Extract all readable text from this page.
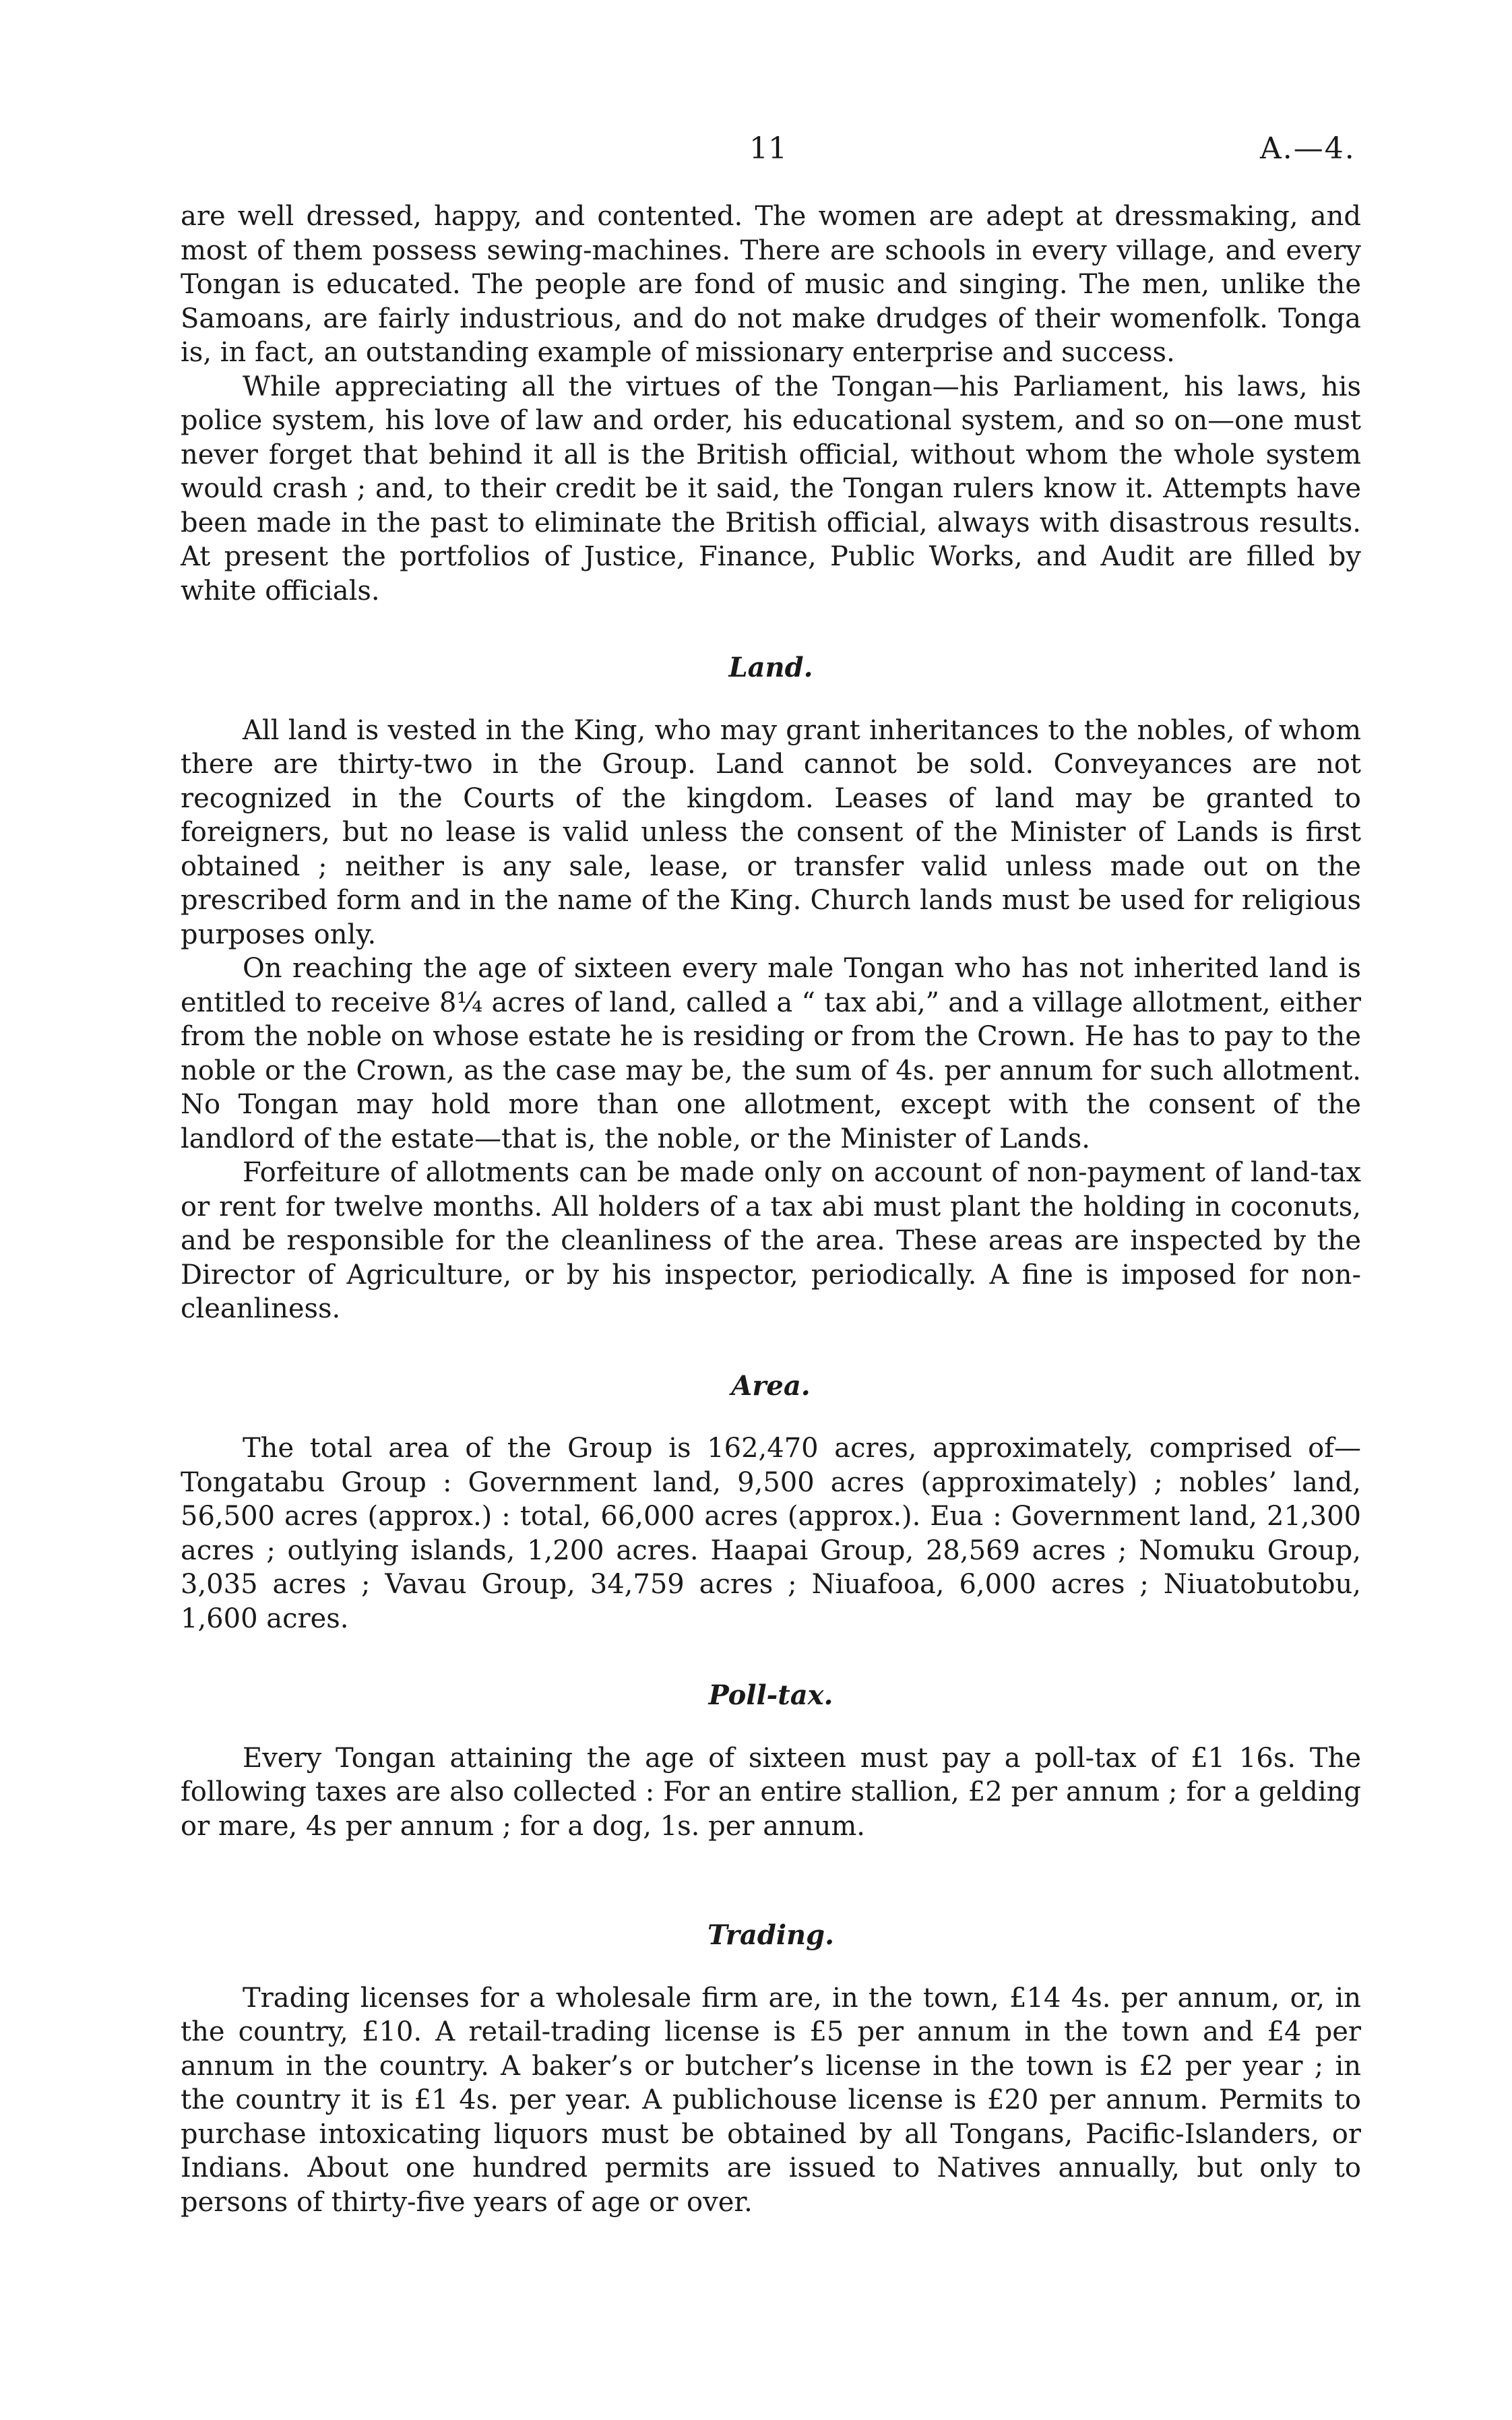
11	A.—4.

are well dressed, happy, and contented. The women are adept at dressmaking, and most of them possess sewing-machines. There are schools in every village, and every Tongan is educated. The people are fond of music and singing. The men, unlike the Samoans, are fairly industrious, and do not make drudges of their womenfolk. Tonga is, in fact, an outstanding example of missionary enterprise and success.

While appreciating all the virtues of the Tongan—his Parliament, his laws, his police system, his love of law and order, his educational system, and so on—one must never forget that behind it all is the British official, without whom the whole system would crash ; and, to their credit be it said, the Tongan rulers know it. Attempts have been made in the past to eliminate the British official, always with disastrous results. At present the portfolios of Justice, Finance, Public Works, and Audit are filled by white officials.

Land.

All land is vested in the King, who may grant inheritances to the nobles, of whom there are thirty-two in the Group. Land cannot be sold. Conveyances are not recognized in the Courts of the kingdom. Leases of land may be granted to foreigners, but no lease is valid unless the consent of the Minister of Lands is first obtained ; neither is any sale, lease, or transfer valid unless made out on the prescribed form and in the name of the King. Church lands must be used for religious purposes only.

On reaching the age of sixteen every male Tongan who has not inherited land is entitled to receive 8¼ acres of land, called a “ tax abi,” and a village allotment, either from the noble on whose estate he is residing or from the Crown. He has to pay to the noble or the Crown, as the case may be, the sum of 4s. per annum for such allotment. No Tongan may hold more than one allotment, except with the consent of the landlord of the estate—that is, the noble, or the Minister of Lands.

Forfeiture of allotments can be made only on account of non-payment of land-tax or rent for twelve months. All holders of a tax abi must plant the holding in coconuts, and be responsible for the cleanliness of the area. These areas are inspected by the Director of Agriculture, or by his inspector, periodically. A fine is imposed for non-cleanliness.

Area.

The total area of the Group is 162,470 acres, approximately, comprised of—Tongatabu Group : Government land, 9,500 acres (approximately) ; nobles’ land, 56,500 acres (approx.) : total, 66,000 acres (approx.). Eua : Government land, 21,300 acres ; outlying islands, 1,200 acres. Haapai Group, 28,569 acres ; Nomuku Group, 3,035 acres ; Vavau Group, 34,759 acres ; Niuafooa, 6,000 acres ; Niuatobutobu, 1,600 acres.

Poll-tax.

Every Tongan attaining the age of sixteen must pay a poll-tax of £1 16s. The following taxes are also collected : For an entire stallion, £2 per annum ; for a gelding or mare, 4s per annum ; for a dog, 1s. per annum.

Trading.

Trading licenses for a wholesale firm are, in the town, £14 4s. per annum, or, in the country, £10. A retail-trading license is £5 per annum in the town and £4 per annum in the country. A baker’s or butcher’s license in the town is £2 per year ; in the country it is £1 4s. per year. A publichouse license is £20 per annum. Permits to purchase intoxicating liquors must be obtained by all Tongans, Pacific-Islanders, or Indians. About one hundred permits are issued to Natives annually, but only to persons of thirty-five years of age or over.
